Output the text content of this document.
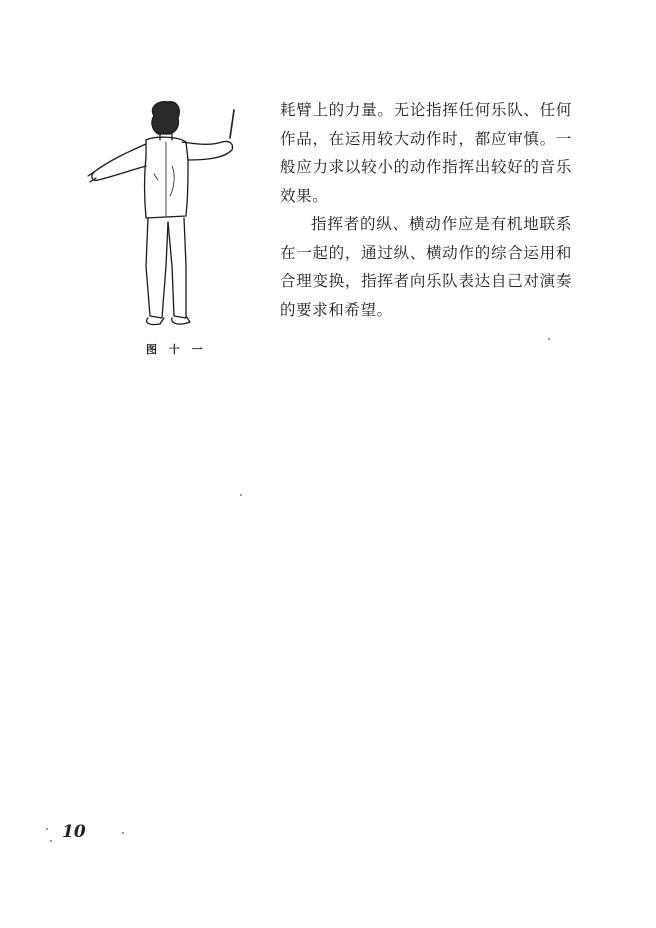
图 十 一

耗臂上的力量。无论指挥任何乐队、任何作品，在运用较大动作时，都应审慎。一般应力求以较小的动作指挥出较好的音乐效果。

指挥者的纵、横动作应是有机地联系在一起的，通过纵、横动作的综合运用和合理变换，指挥者向乐队表达自己对演奏的要求和希望。

10
